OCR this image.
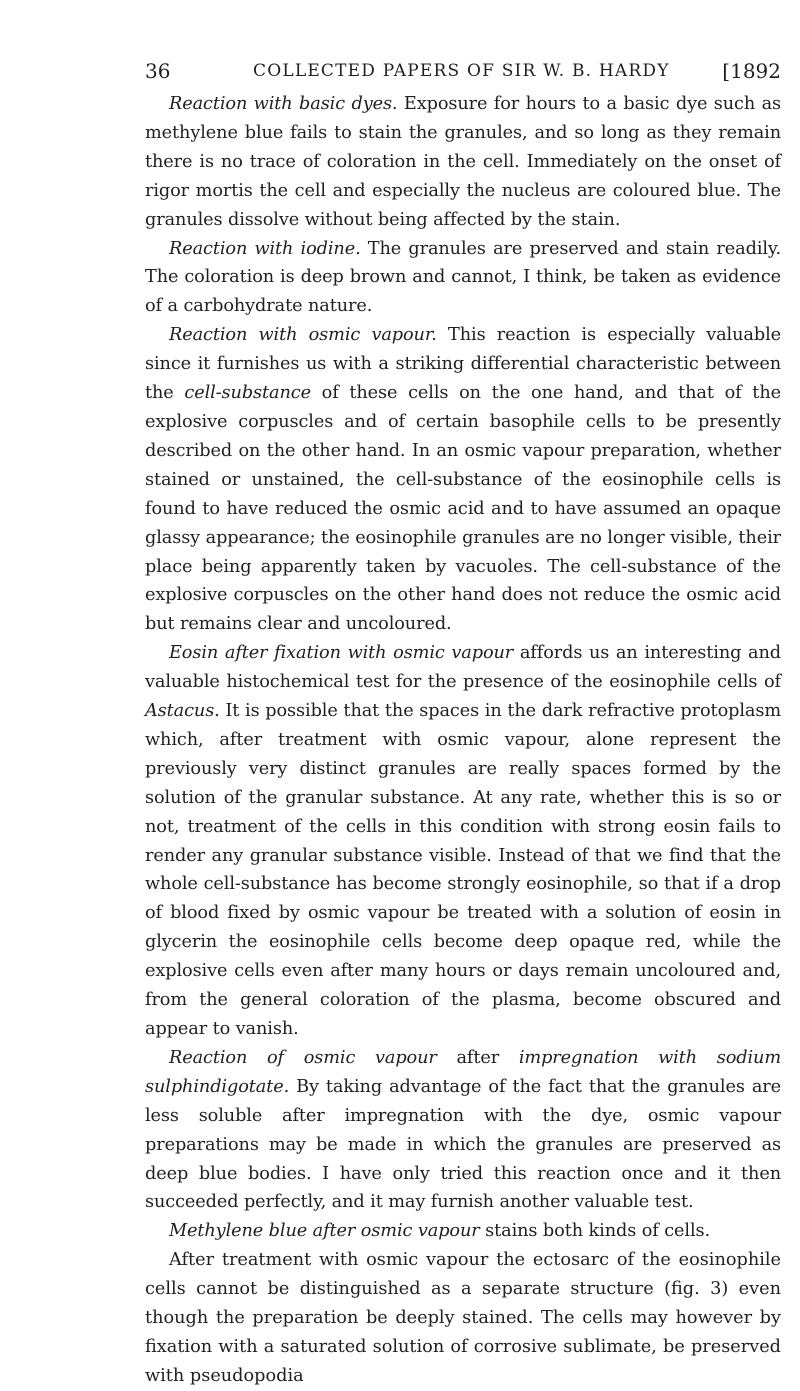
36	COLLECTED PAPERS OF SIR W. B. HARDY	[1892

Reaction with basic dyes. Exposure for hours to a basic dye such as methylene blue fails to stain the granules, and so long as they remain there is no trace of coloration in the cell. Immediately on the onset of rigor mortis the cell and especially the nucleus are coloured blue. The granules dissolve without being affected by the stain.

Reaction with iodine. The granules are preserved and stain readily. The coloration is deep brown and cannot, I think, be taken as evidence of a carbohydrate nature.

Reaction with osmic vapour. This reaction is especially valuable since it furnishes us with a striking differential characteristic between the cell-substance of these cells on the one hand, and that of the explosive corpuscles and of certain basophile cells to be presently described on the other hand. In an osmic vapour preparation, whether stained or unstained, the cell-substance of the eosinophile cells is found to have reduced the osmic acid and to have assumed an opaque glassy appearance; the eosinophile granules are no longer visible, their place being apparently taken by vacuoles. The cell-substance of the explosive corpuscles on the other hand does not reduce the osmic acid but remains clear and uncoloured.

Eosin after fixation with osmic vapour affords us an interesting and valuable histochemical test for the presence of the eosinophile cells of Astacus. It is possible that the spaces in the dark refractive protoplasm which, after treatment with osmic vapour, alone represent the previously very distinct granules are really spaces formed by the solution of the granular substance. At any rate, whether this is so or not, treatment of the cells in this condition with strong eosin fails to render any granular substance visible. Instead of that we find that the whole cell-substance has become strongly eosinophile, so that if a drop of blood fixed by osmic vapour be treated with a solution of eosin in glycerin the eosinophile cells become deep opaque red, while the explosive cells even after many hours or days remain uncoloured and, from the general coloration of the plasma, become obscured and appear to vanish.

Reaction of osmic vapour after impregnation with sodium sulphindigotate. By taking advantage of the fact that the granules are less soluble after impregnation with the dye, osmic vapour preparations may be made in which the granules are preserved as deep blue bodies. I have only tried this reaction once and it then succeeded perfectly, and it may furnish another valuable test.

Methylene blue after osmic vapour stains both kinds of cells.

After treatment with osmic vapour the ectosarc of the eosinophile cells cannot be distinguished as a separate structure (fig. 3) even though the preparation be deeply stained. The cells may however by fixation with a saturated solution of corrosive sublimate, be preserved with pseudopodia
